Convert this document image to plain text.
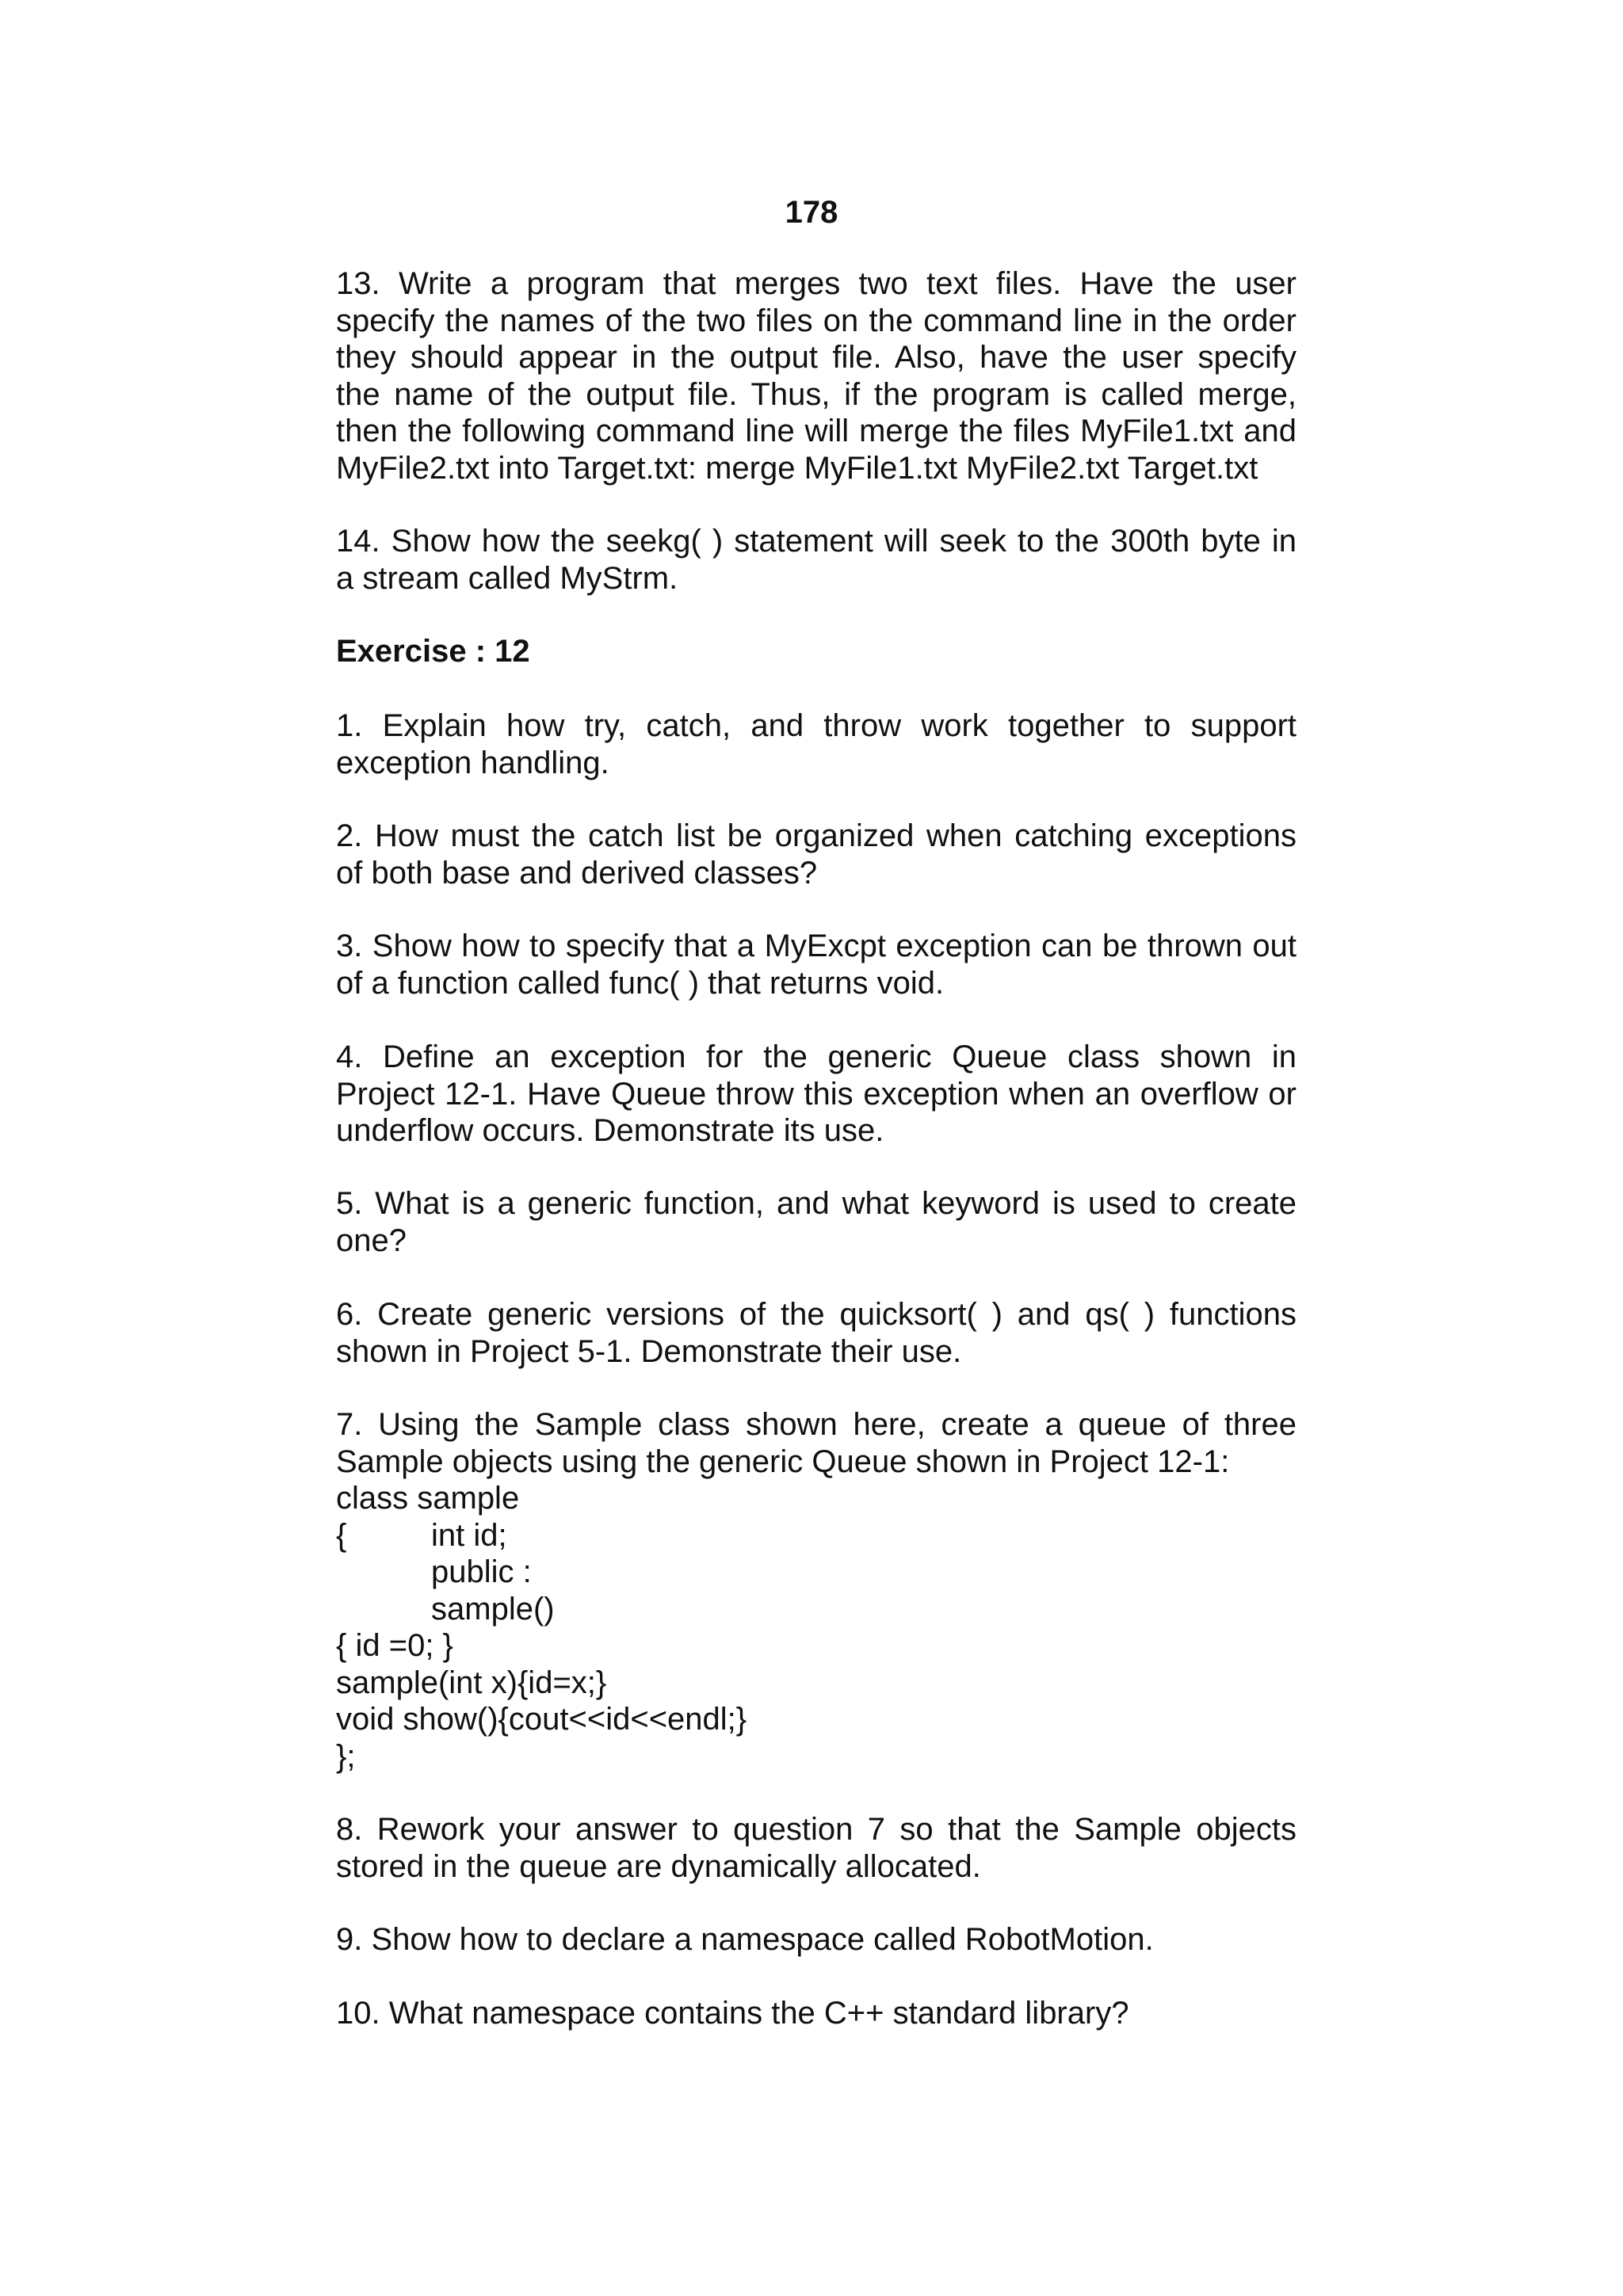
178

13. Write a program that merges two text files. Have the user
specify the names of the two files on the command line in the order
they should appear in the output file. Also, have the user specify
the name of the output file. Thus, if the program is called merge,
then the following command line will merge the files MyFile1.txt and
MyFile2.txt into Target.txt: merge MyFile1.txt MyFile2.txt Target.txt

14. Show how the seekg( ) statement will seek to the 300th byte in
a stream called MyStrm.

Exercise : 12

1. Explain how try, catch, and throw work together to support
exception handling.

2. How must the catch list be organized when catching exceptions
of both base and derived classes?

3. Show how to specify that a MyExcpt exception can be thrown out
of a function called func( ) that returns void.

4. Define an exception for the generic Queue class shown in
Project 12-1. Have Queue throw this exception when an overflow or
underflow occurs. Demonstrate its use.

5. What is a generic function, and what keyword is used to create
one?

6. Create generic versions of the quicksort( ) and qs( ) functions
shown in Project 5-1. Demonstrate their use.

7. Using the Sample class shown here, create a queue of three
Sample objects using the generic Queue shown in Project 12-1:

class sample
{	int id;
public :
sample()
{ id =0; }
sample(int x){id=x;}
void show(){cout<<id<<endl;}
};

8. Rework your answer to question 7 so that the Sample objects
stored in the queue are dynamically allocated.

9. Show how to declare a namespace called RobotMotion.

10. What namespace contains the C++ standard library?
